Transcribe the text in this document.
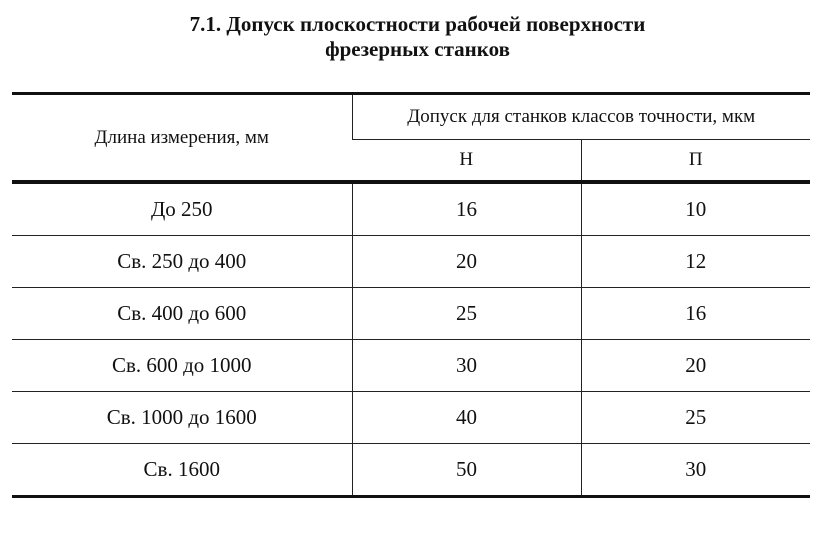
7.1. Допуск плоскостности рабочей поверхности
фрезерных станков
Длина измерения, мм	Допуск для станков классов точности, мкм	
	Н	П
До 250	16	10
Св. 250 до 400	20	12
Св. 400 до 600	25	16
Св. 600 до 1000	30	20
Св. 1000 до 1600	40	25
Св. 1600	50	30
